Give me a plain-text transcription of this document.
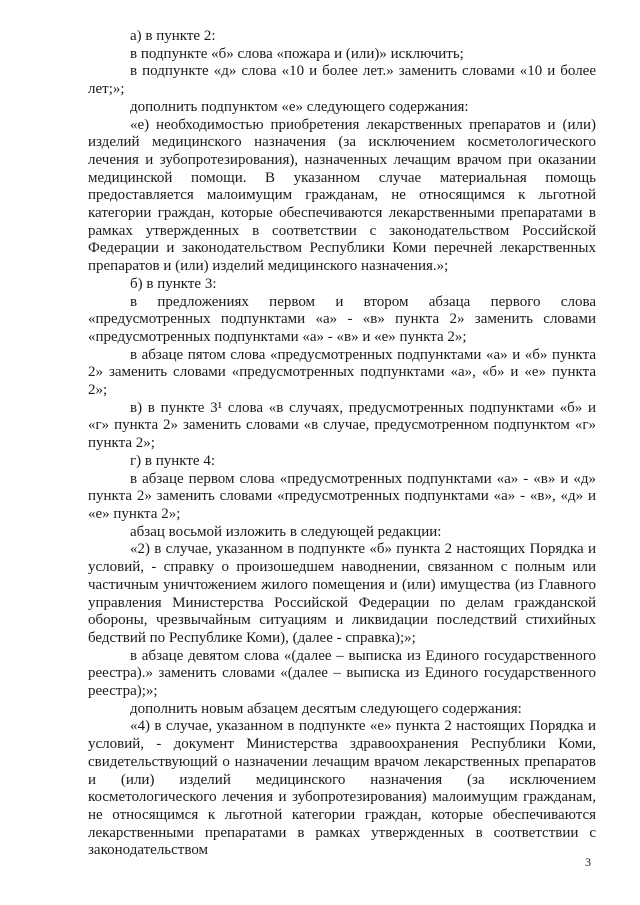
а) в пункте 2:

в подпункте «б» слова «пожара и (или)» исключить;

в подпункте «д» слова «10 и более лет.» заменить словами «10 и более лет;»;

дополнить подпунктом «е» следующего содержания:

«е) необходимостью приобретения лекарственных препаратов и (или) изделий медицинского назначения (за исключением косметологического лечения и зубопротезирования), назначенных лечащим врачом при оказании медицинской помощи. В указанном случае материальная помощь предоставляется малоимущим гражданам, не относящимся к льготной категории граждан, которые обеспечиваются лекарственными препаратами в рамках утвержденных в соответствии с законодательством Российской Федерации и законодательством Республики Коми перечней лекарственных препаратов и (или) изделий медицинского назначения.»;

б) в пункте 3:

в предложениях первом и втором абзаца первого слова «предусмотренных подпунктами «а» - «в» пункта 2» заменить словами «предусмотренных подпунктами «а» - «в» и «е» пункта 2»;

в абзаце пятом слова «предусмотренных подпунктами «а» и «б» пункта 2» заменить словами «предусмотренных подпунктами «а», «б» и «е» пункта 2»;

в) в пункте 3¹ слова «в случаях, предусмотренных подпунктами «б» и «г» пункта 2» заменить словами «в случае, предусмотренном подпунктом «г» пункта 2»;

г) в пункте 4:

в абзаце первом слова «предусмотренных подпунктами «а» - «в» и «д» пункта 2» заменить словами «предусмотренных подпунктами «а» - «в», «д» и «е» пункта 2»;

абзац восьмой изложить в следующей редакции:

«2) в случае, указанном в подпункте «б» пункта 2 настоящих Порядка и условий, - справку о произошедшем наводнении, связанном с полным или частичным уничтожением жилого помещения и (или) имущества (из Главного управления Министерства Российской Федерации по делам гражданской обороны, чрезвычайным ситуациям и ликвидации последствий стихийных бедствий по Республике Коми), (далее - справка);»;

в абзаце девятом слова «(далее – выписка из Единого государственного реестра).» заменить словами «(далее – выписка из Единого государственного реестра);»;

дополнить новым абзацем десятым следующего содержания:

«4) в случае, указанном в подпункте «е» пункта 2 настоящих Порядка и условий, - документ Министерства здравоохранения Республики Коми, свидетельствующий о назначении лечащим врачом лекарственных препаратов и (или) изделий медицинского назначения (за исключением косметологического лечения и зубопротезирования) малоимущим гражданам, не относящимся к льготной категории граждан, которые обеспечиваются лекарственными препаратами в рамках утвержденных в соответствии с законодательством

3
